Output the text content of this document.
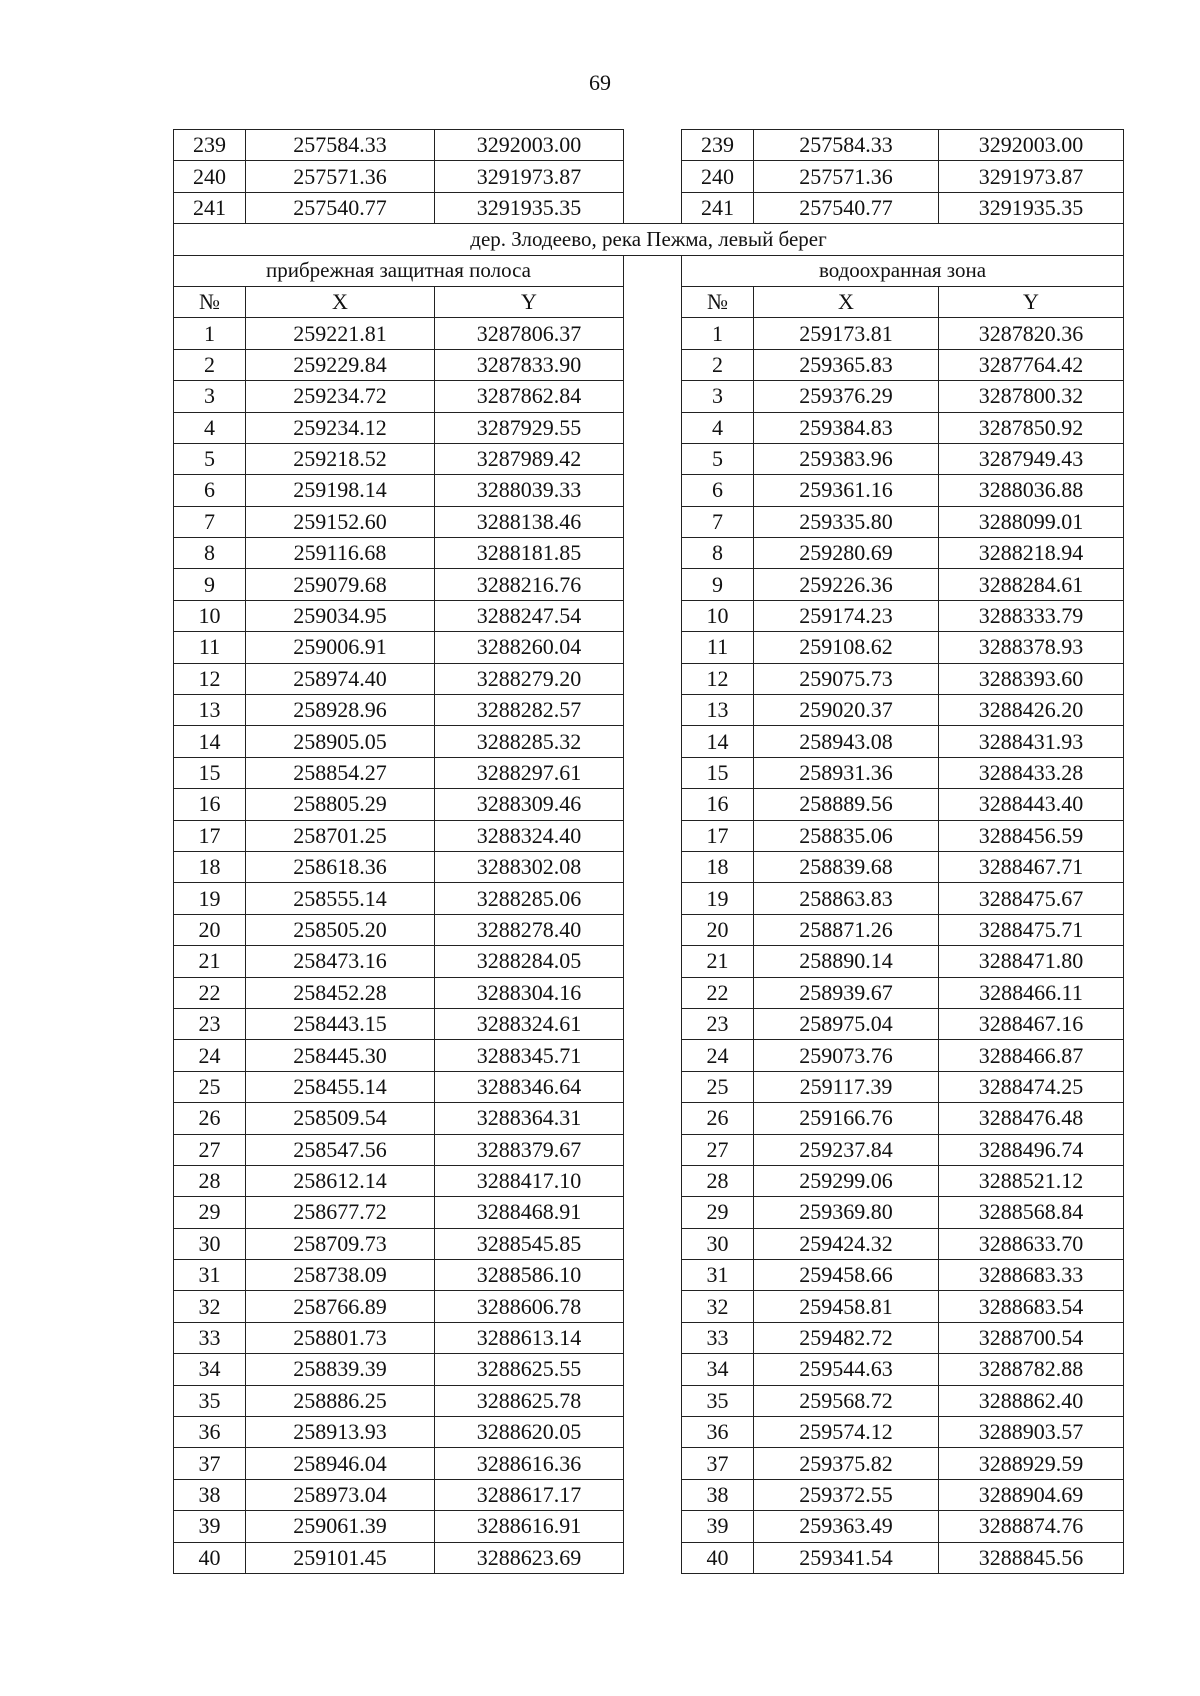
69
239	257584.33	3292003.00		239	257584.33	3292003.00
240	257571.36	3291973.87		240	257571.36	3291973.87
241	257540.77	3291935.35		241	257540.77	3291935.35
дер. Злодеево, река Пежма, левый берег						
прибрежная защитная полоса				водоохранная зона		
№	X	Y		№	X	Y
1	259221.81	3287806.37		1	259173.81	3287820.36
2	259229.84	3287833.90		2	259365.83	3287764.42
3	259234.72	3287862.84		3	259376.29	3287800.32
4	259234.12	3287929.55		4	259384.83	3287850.92
5	259218.52	3287989.42		5	259383.96	3287949.43
6	259198.14	3288039.33		6	259361.16	3288036.88
7	259152.60	3288138.46		7	259335.80	3288099.01
8	259116.68	3288181.85		8	259280.69	3288218.94
9	259079.68	3288216.76		9	259226.36	3288284.61
10	259034.95	3288247.54		10	259174.23	3288333.79
11	259006.91	3288260.04		11	259108.62	3288378.93
12	258974.40	3288279.20		12	259075.73	3288393.60
13	258928.96	3288282.57		13	259020.37	3288426.20
14	258905.05	3288285.32		14	258943.08	3288431.93
15	258854.27	3288297.61		15	258931.36	3288433.28
16	258805.29	3288309.46		16	258889.56	3288443.40
17	258701.25	3288324.40		17	258835.06	3288456.59
18	258618.36	3288302.08		18	258839.68	3288467.71
19	258555.14	3288285.06		19	258863.83	3288475.67
20	258505.20	3288278.40		20	258871.26	3288475.71
21	258473.16	3288284.05		21	258890.14	3288471.80
22	258452.28	3288304.16		22	258939.67	3288466.11
23	258443.15	3288324.61		23	258975.04	3288467.16
24	258445.30	3288345.71		24	259073.76	3288466.87
25	258455.14	3288346.64		25	259117.39	3288474.25
26	258509.54	3288364.31		26	259166.76	3288476.48
27	258547.56	3288379.67		27	259237.84	3288496.74
28	258612.14	3288417.10		28	259299.06	3288521.12
29	258677.72	3288468.91		29	259369.80	3288568.84
30	258709.73	3288545.85		30	259424.32	3288633.70
31	258738.09	3288586.10		31	259458.66	3288683.33
32	258766.89	3288606.78		32	259458.81	3288683.54
33	258801.73	3288613.14		33	259482.72	3288700.54
34	258839.39	3288625.55		34	259544.63	3288782.88
35	258886.25	3288625.78		35	259568.72	3288862.40
36	258913.93	3288620.05		36	259574.12	3288903.57
37	258946.04	3288616.36		37	259375.82	3288929.59
38	258973.04	3288617.17		38	259372.55	3288904.69
39	259061.39	3288616.91		39	259363.49	3288874.76
40	259101.45	3288623.69		40	259341.54	3288845.56
